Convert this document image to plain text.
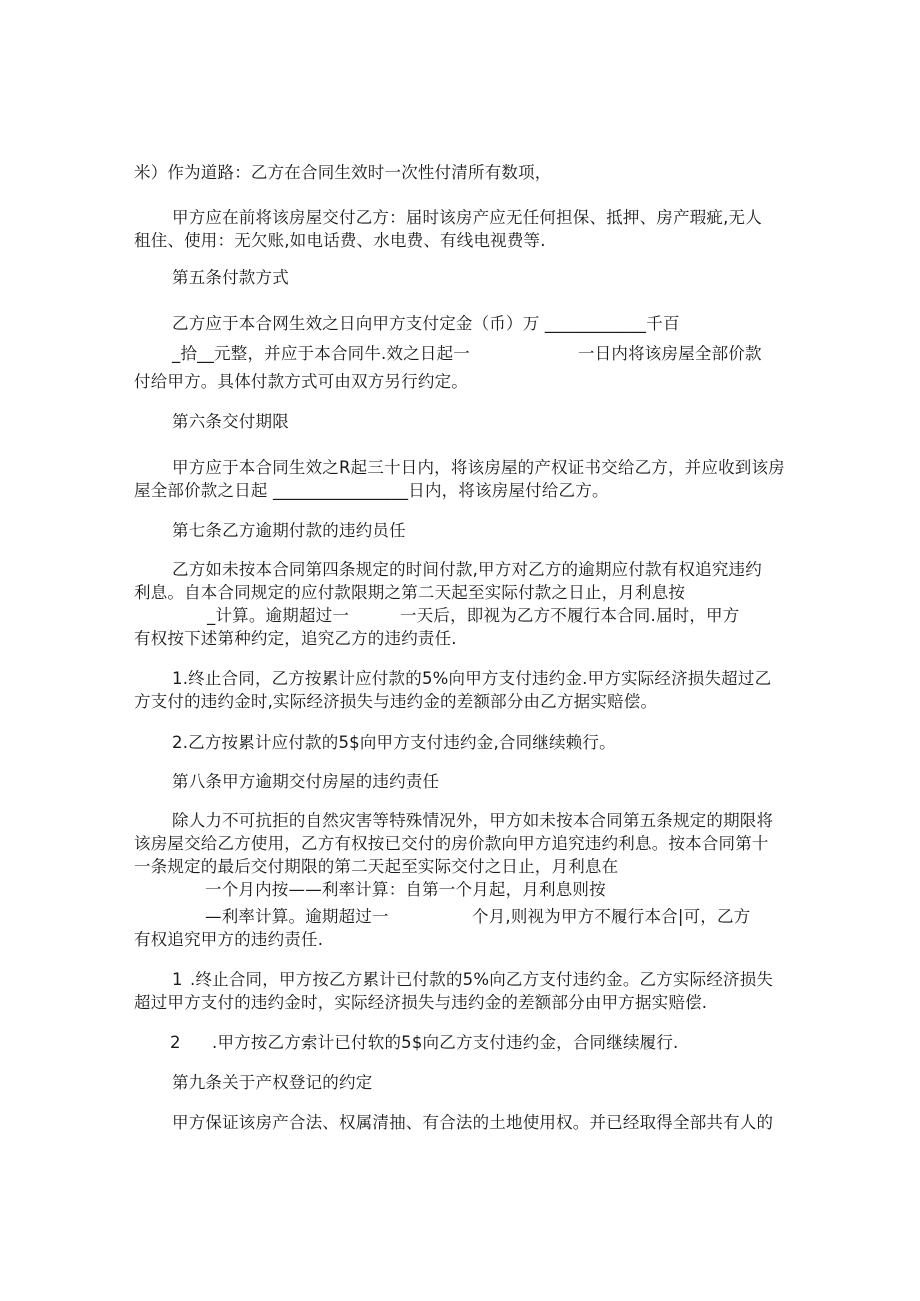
米）作为道路：乙方在合同生效时一次性付清所有数项，

甲方应在前将该房屋交付乙方：届时该房产应无任何担保、抵押、房产瑕疵,无人

租住、使用：无欠账,如电话费、水电费、有线电视费等.

第五条付款方式

乙方应于本合网生效之日向甲方支付定金（币）万 ____________千百

_拾__元整，并应于本合同牛.效之日起一	一日内将该房屋全部价款

付给甲方。具体付款方式可由双方另行约定。

第六条交付期限

甲方应于本合同生效之R起三十日内，将该房屋的产权证书交给乙方，并应收到该房

屋全部价款之日起 ________________日内，将该房屋付给乙方。

第七条乙方逾期付款的违约员任

乙方如未按本合同第四条规定的时间付款,甲方对乙方的逾期应付款有权追究违约

利息。自本合同规定的应付款限期之第二天起至实际付款之日止，月利息按

_计算。逾期超过一	一天后，即视为乙方不履行本合同.届时，甲方

有权按下述第种约定，追究乙方的违约责任.

1.终止合同，乙方按累计应付款的5%向甲方支付违约金.甲方实际经济损失超过乙

方支付的违约金时,实际经济损失与违约金的差额部分由乙方据实赔偿。

2.乙方按累计应付款的5$向甲方支付违约金,合同继续赖行。

第八条甲方逾期交付房屋的违约责任

除人力不可抗拒的自然灾害等特殊情况外，甲方如未按本合同第五条规定的期限将

该房屋交给乙方使用，乙方有权按已交付的房价款向甲方追究违约利息。按本合同第十

一条规定的最后交付期限的第二天起至实际交付之日止，月利息在

一个月内按——利率计算：自第一个月起，月利息则按

—利率计算。逾期超过一	个月,则视为甲方不履行本合|可，乙方

有权追究甲方的违约责任.

1 .终止合同，甲方按乙方累计已付款的5%向乙方支付违约金。乙方实际经济损失

超过甲方支付的违约金时，实际经济损失与违约金的差额部分由甲方据实赔偿.

2 .甲方按乙方索计已付软的5$向乙方支付违约金，合同继续履行.

第九条关于产权登记的约定

甲方保证该房产合法、权属清抽、有合法的土地使用权。并已经取得全部共有人的
